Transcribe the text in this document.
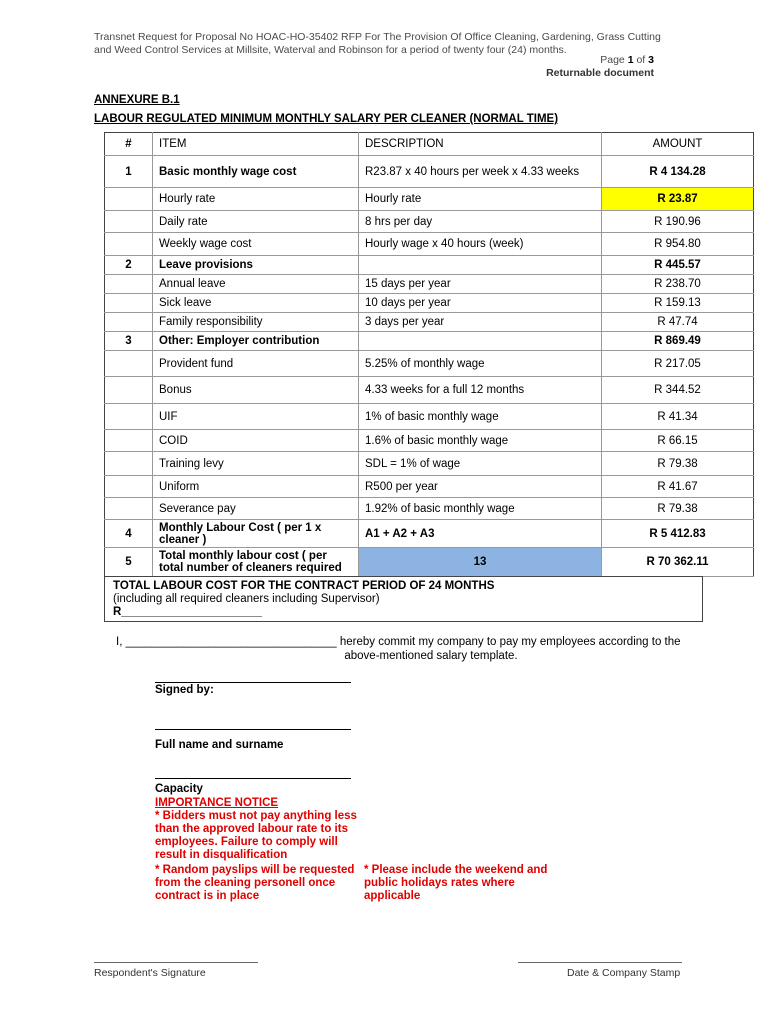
Transnet Request for Proposal No HOAC-HO-35402 RFP For The Provision Of Office Cleaning, Gardening, Grass Cutting and Weed Control Services at Millsite, Waterval and Robinson for a period of twenty four (24) months.
Page 1 of 3
Returnable document
ANNEXURE B.1
LABOUR REGULATED MINIMUM MONTHLY SALARY PER CLEANER (NORMAL TIME)
#	ITEM	DESCRIPTION	AMOUNT
1	Basic monthly wage cost	R23.87 x 40 hours per week x 4.33 weeks	R 4 134.28
	Hourly rate	Hourly rate	R 23.87
	Daily rate	8 hrs per day	R 190.96
	Weekly wage cost	Hourly wage x 40 hours (week)	R 954.80
2	Leave provisions		R 445.57
	Annual leave	15 days per year	R 238.70
	Sick leave	10 days per year	R 159.13
	Family responsibility	3 days per year	R 47.74
3	Other: Employer contribution		R 869.49
	Provident fund	5.25% of monthly wage	R 217.05
	Bonus	4.33 weeks for a full 12 months	R 344.52
	UIF	1% of basic monthly wage	R 41.34
	COID	1.6% of basic monthly wage	R 66.15
	Training levy	SDL = 1% of wage	R 79.38
	Uniform	R500 per year	R 41.67
	Severance pay	1.92% of basic monthly wage	R 79.38
4	Monthly Labour Cost ( per 1 x cleaner )	A1 + A2 + A3	R 5 412.83
5	Total monthly labour cost ( per total number of cleaners required	13	R 70 362.11
TOTAL LABOUR COST FOR THE CONTRACT PERIOD OF 24 MONTHS
(including all required cleaners including Supervisor)
R______________________
I, _________________________________ hereby commit my company to pay my employees according to the
above-mentioned salary template.
Signed by:
Full name and surname
Capacity
IMPORTANCE NOTICE
* Bidders must not pay anything less than the approved labour rate to its employees. Failure to comply will result in disqualification
* Random payslips will be requested from the cleaning personell once contract is in place
* Please include the weekend and public holidays rates where applicable
Respondent's Signature	Date & Company Stamp
